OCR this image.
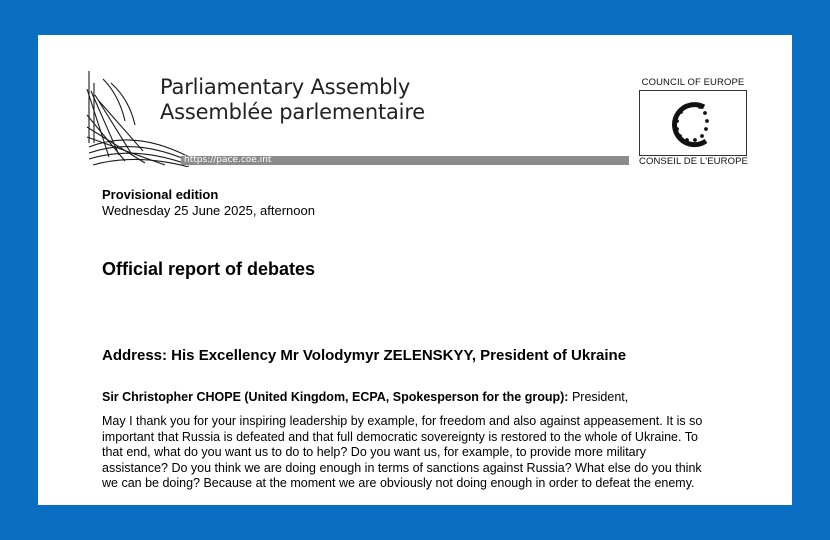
Parliamentary Assembly
Assemblée parlementaire
https://pace.coe.int
COUNCIL OF EUROPE
CONSEIL DE L'EUROPE
Provisional edition
Wednesday 25 June 2025, afternoon
Official report of debates
Address: His Excellency Mr Volodymyr ZELENSKYY, President of Ukraine
Sir Christopher CHOPE (United Kingdom, ECPA, Spokesperson for the group): President,
May I thank you for your inspiring leadership by example, for freedom and also against appeasement. It is so
important that Russia is defeated and that full democratic sovereignty is restored to the whole of Ukraine. To
that end, what do you want us to do to help? Do you want us, for example, to provide more military
assistance? Do you think we are doing enough in terms of sanctions against Russia? What else do you think
we can be doing? Because at the moment we are obviously not doing enough in order to defeat the enemy.
